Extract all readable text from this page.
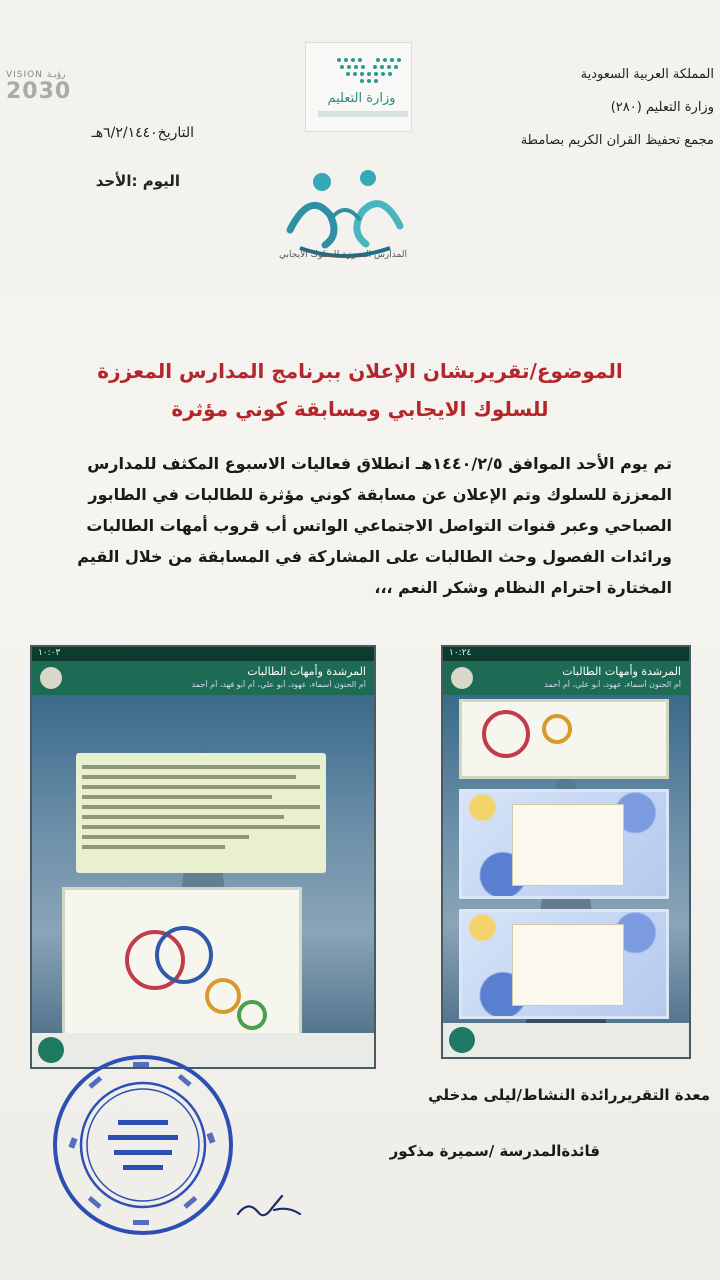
المملكة العربية السعودية
وزارة التعليم (٢٨٠)
مجمع تحفيظ القران الكريم بصامطة
وزارة التعليم
VISION رؤيـة
2030
التاريخ٦/٢/١٤٤٠هـ
اليوم :الأحد
المدارس المعززة للسلوك الايجابي
الموضوع/تقريربشان الإعلان ببرنامج المدارس المعززة
للسلوك الايجابي ومسابقة كوني مؤثرة
تم يوم الأحد الموافق ١٤٤٠/٢/٥هـ انطلاق فعاليات الاسبوع المكثف للمدارس المعززة للسلوك وتم الإعلان عن مسابقة كوني مؤثرة للطالبات في الطابور الصباحي وعبر قنوات التواصل الاجتماعي الواتس أب قروب أمهات الطالبات ورائدات الفصول وحث الطالبات على المشاركة في المسابقة من خلال القيم المختارة احترام النظام وشكر النعم ،،،
١٠:٠٣
المرشدة وأمهات الطالبات
أم الحنون أسماء، عهود، أبو علي، أم أبو فهد، أم أحمد
١٠:٢٤
المرشدة وأمهات الطالبات
أم الحنون أسماء، عهود، أبو علي، أم أحمد
معدة التقريررائدة النشاط/ليلى مدخلي
قائدةالمدرسة /سميرة مذكور
